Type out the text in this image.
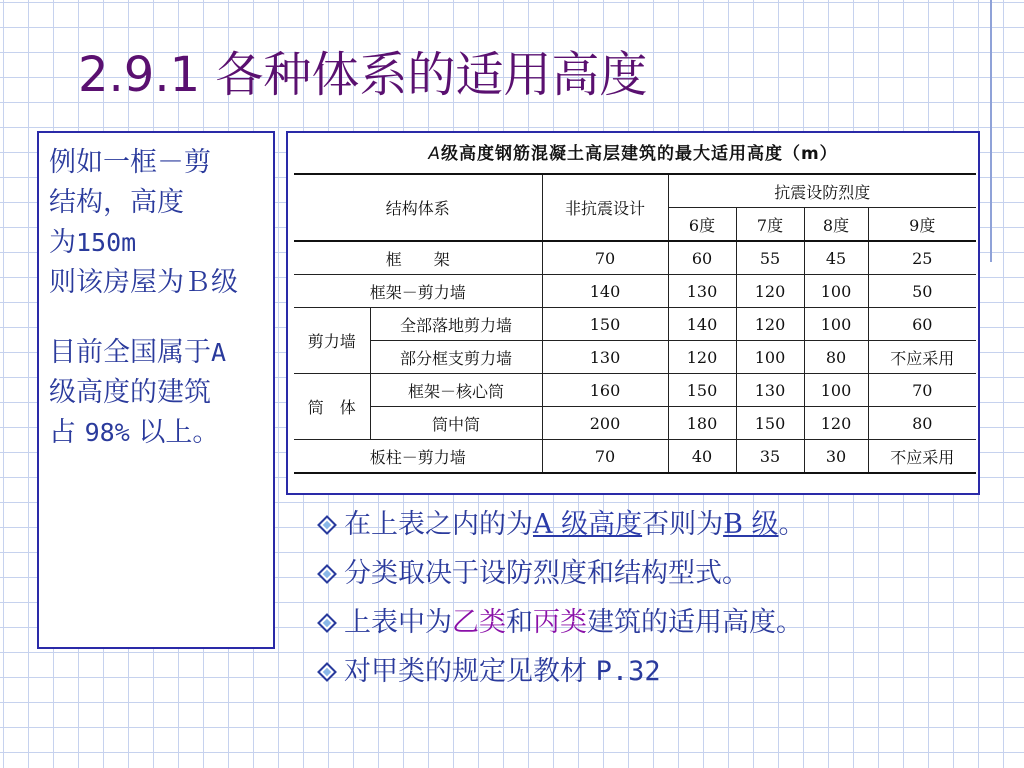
2.9.1 各种体系的适用高度
例如一框－剪
结构，高度
为150m
则该房屋为Ｂ级
目前全国属于A
级高度的建筑
占 98% 以上。
A级高度钢筋混凝土高层建筑的最大适用高度（m）
结构体系		非抗震设计	抗震设防烈度			
			6度	7度	8度	9度
框　　架		70	60	55	45	25
框架－剪力墙		140	130	120	100	50
剪力墙	全部落地剪力墙	150	140	120	100	60
	部分框支剪力墙	130	120	100	80	不应采用
筒　体	框架－核心筒	160	150	130	100	70
	筒中筒	200	180	150	120	80
板柱－剪力墙		70	40	35	30	不应采用
在上表之内的为 A 级高度 否则为 B 级 。
分类取决于设防烈度和结构型式。
上表中为 乙类 和 丙类 建筑的适用高度。
对甲类的规定见教材
P.32
